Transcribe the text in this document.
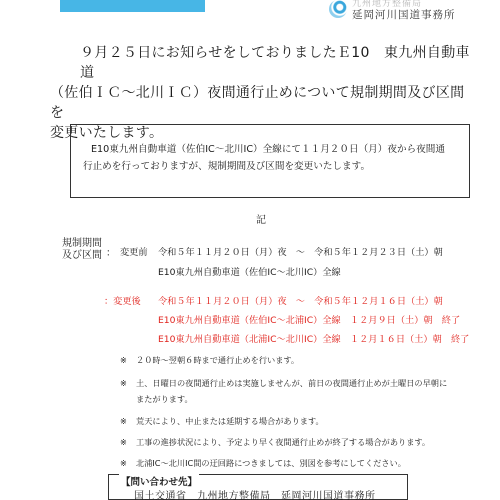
九州地方整備局
延岡河川国道事務所
９月２５日にお知らせをしておりましたＥ10　東九州自動車道
（佐伯ＩＣ～北川ＩＣ）夜間通行止めについて規制期間及び区間を
変更いたします。
E10東九州自動車道（佐伯IC～北川IC）全線にて１１月２０日（月）夜から夜間通
行止めを行っておりますが、規制期間及び区間を変更いたします。
記
規制期間
及び区間 ： 変更前 令和５年１１月２０日（月）夜　～　令和５年１２月２３日（土）朝
E10東九州自動車道（佐伯IC～北川IC）全線
：変更後 令和５年１１月２０日（月）夜　～　令和５年１２月１６日（土）朝
E10東九州自動車道（佐伯IC～北浦IC）全線　１２月９日（土）朝　終了
E10東九州自動車道（北浦IC～北川IC）全線　１２月１６日（土）朝　終了
※ ２０時～翌朝６時まで通行止めを行います。
※ 土、日曜日の夜間通行止めは実施しませんが、前日の夜間通行止めが土曜日の早朝に
またがります。
※ 荒天により、中止または延期する場合があります。
※ 工事の進捗状況により、予定より早く夜間通行止めが終了する場合があります。
※ 北浦IC～北川IC間の迂回路につきましては、別図を参考にしてください。
【問い合わせ先】
国土交通省　九州地方整備局　延岡河川国道事務所
